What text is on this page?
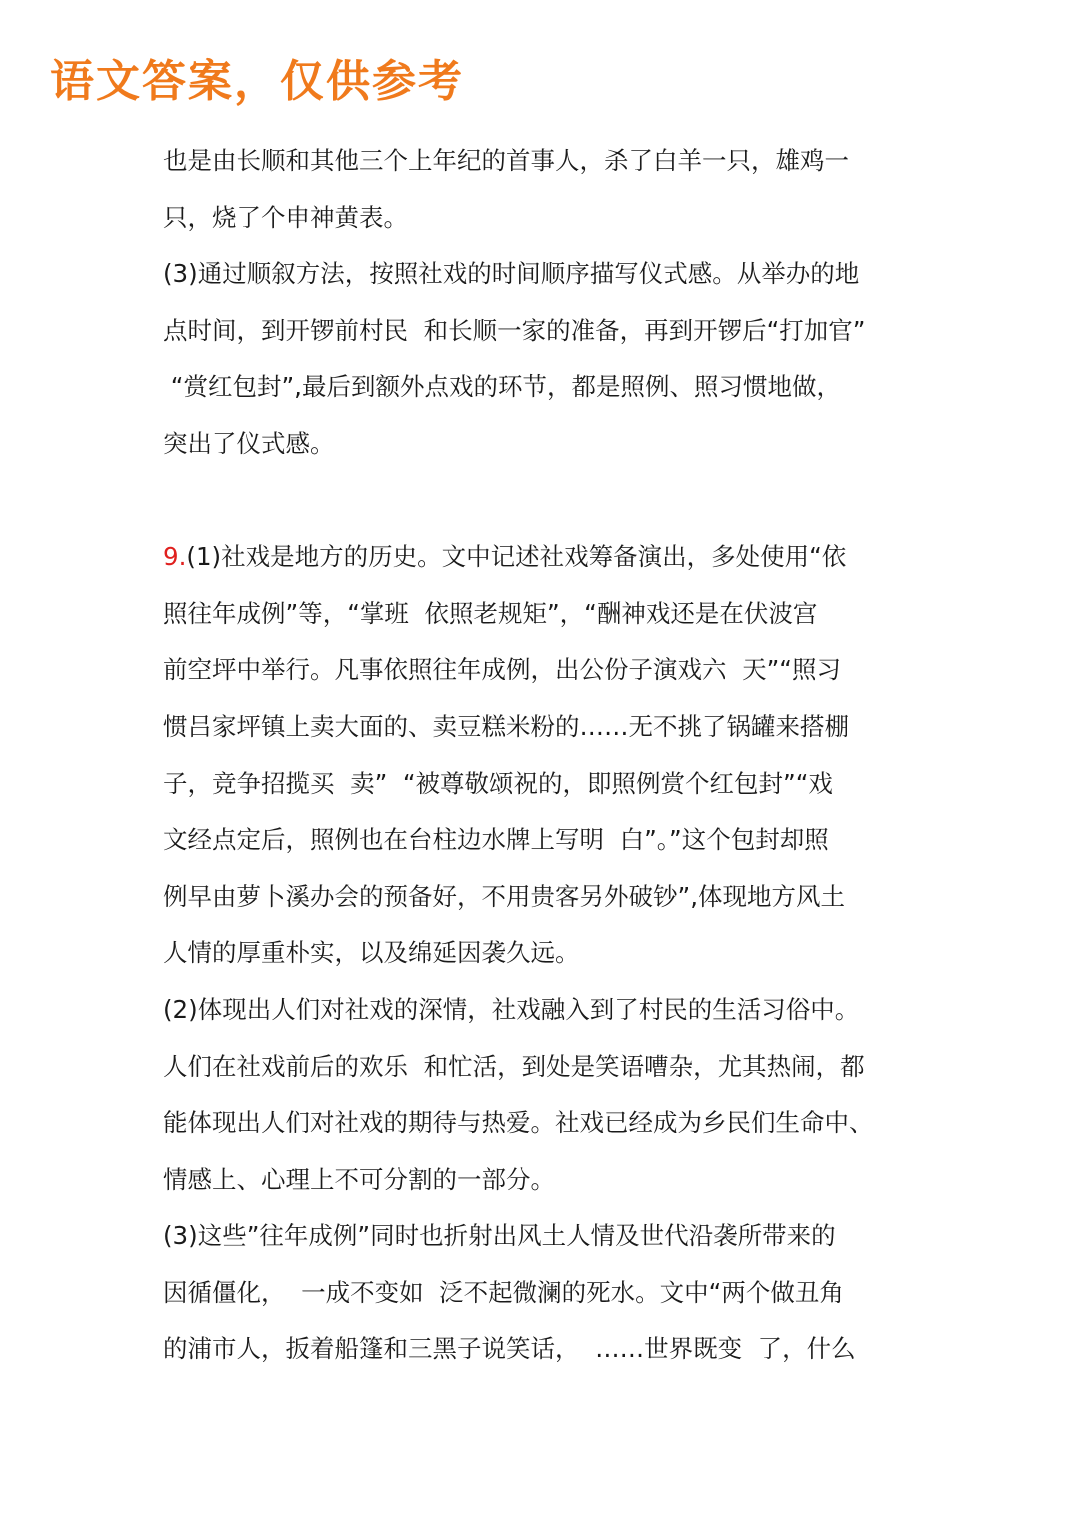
语文答案，仅供参考
也是由长顺和其他三个上年纪的首事人，杀了白羊一只，雄鸡一
只，烧了个申神黄表。
(3)通过顺叙方法，按照社戏的时间顺序描写仪式感。从举办的地
点时间，到开锣前村民  和长顺一家的准备，再到开锣后“打加官”
“赏红包封”,最后到额外点戏的环节，都是照例、照习惯地做，
突出了仪式感。
9.(1)社戏是地方的历史。文中记述社戏筹备演出，多处使用“依
照往年成例”等，“掌班  依照老规矩”，“酬神戏还是在伏波宫
前空坪中举行。凡事依照往年成例，出公份子演戏六  天”“照习
惯吕家坪镇上卖大面的、卖豆糕米粉的……无不挑了锅罐来搭棚
子，竞争招揽买  卖”  “被尊敬颂祝的，即照例赏个红包封”“戏
文经点定后，照例也在台柱边水牌上写明  白”。”这个包封却照
例早由萝卜溪办会的预备好，不用贵客另外破钞”,体现地方风土
人情的厚重朴实，以及绵延因袭久远。
(2)体现出人们对社戏的深情，社戏融入到了村民的生活习俗中。
人们在社戏前后的欢乐  和忙活，到处是笑语嘈杂，尤其热闹，都
能体现出人们对社戏的期待与热爱。社戏已经成为乡民们生命中、
情感上、心理上不可分割的一部分。
(3)这些”往年成例”同时也折射出风土人情及世代沿袭所带来的
因循僵化，  一成不变如  泛不起微澜的死水。文中“两个做丑角
的浦市人，扳着船篷和三黑子说笑话，  ……世界既变  了，什么
